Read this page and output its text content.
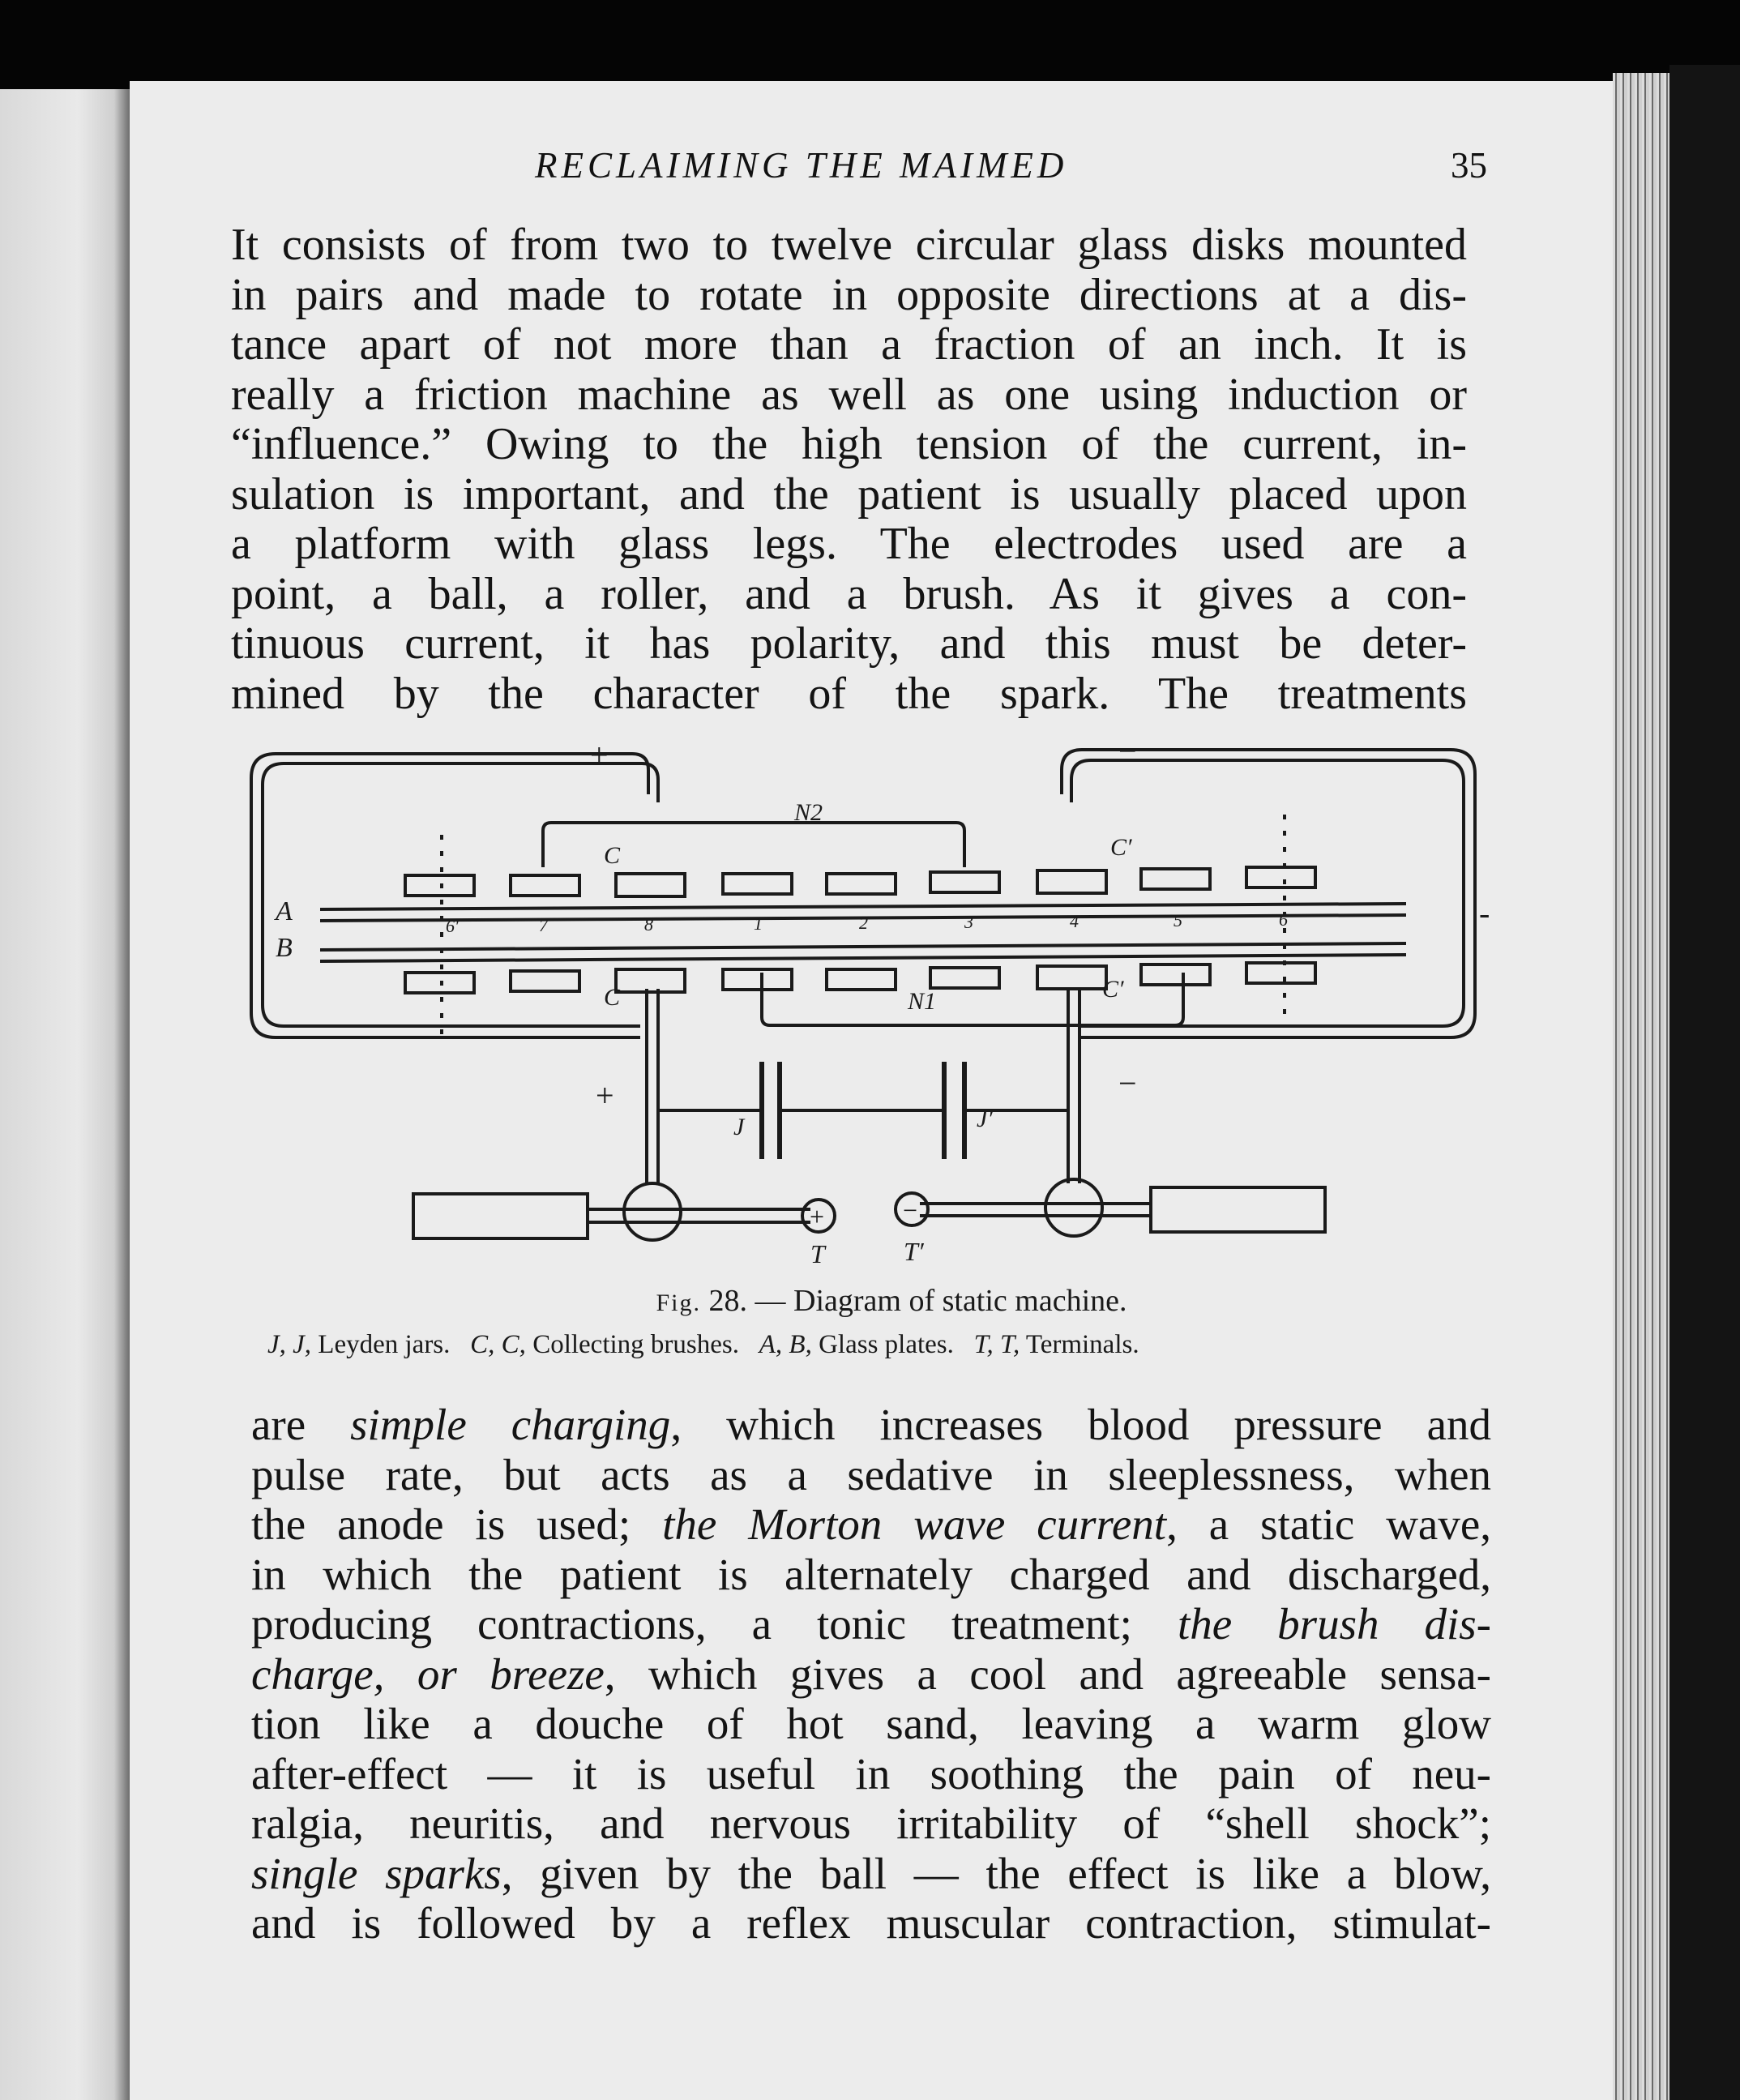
RECLAIMING THE MAIMED	35
It consists of from two to twelve circular glass disks mounted
in pairs and made to rotate in opposite directions at a dis-
tance apart of not more than a fraction of an inch. It is
really a friction machine as well as one using induction or
“influence.” Owing to the high tension of the current, in-
sulation is important, and the patient is usually placed upon
a platform with glass legs. The electrodes used are a
point, a ball, a roller, and a brush. As it gives a con-
tinuous current, it has polarity, and this must be deter-
mined by the character of the spark. The treatments
+	−
N2
N1
A
B
C	C′
C	C′
+	−
-
J	J′
T	T′
+	−
6′	7	8	1	2	3	4	5	6
Fig. 28. — Diagram of static machine.
J, J, Leyden jars. C, C, Collecting brushes. A, B, Glass plates. T, T, Terminals.
are simple charging, which increases blood pressure and
pulse rate, but acts as a sedative in sleeplessness, when
the anode is used; the Morton wave current, a static wave,
in which the patient is alternately charged and discharged,
producing contractions, a tonic treatment; the brush dis-
charge, or breeze, which gives a cool and agreeable sensa-
tion like a douche of hot sand, leaving a warm glow
after-effect — it is useful in soothing the pain of neu-
ralgia, neuritis, and nervous irritability of “shell shock”;
single sparks, given by the ball — the effect is like a blow,
and is followed by a reflex muscular contraction, stimulat-
